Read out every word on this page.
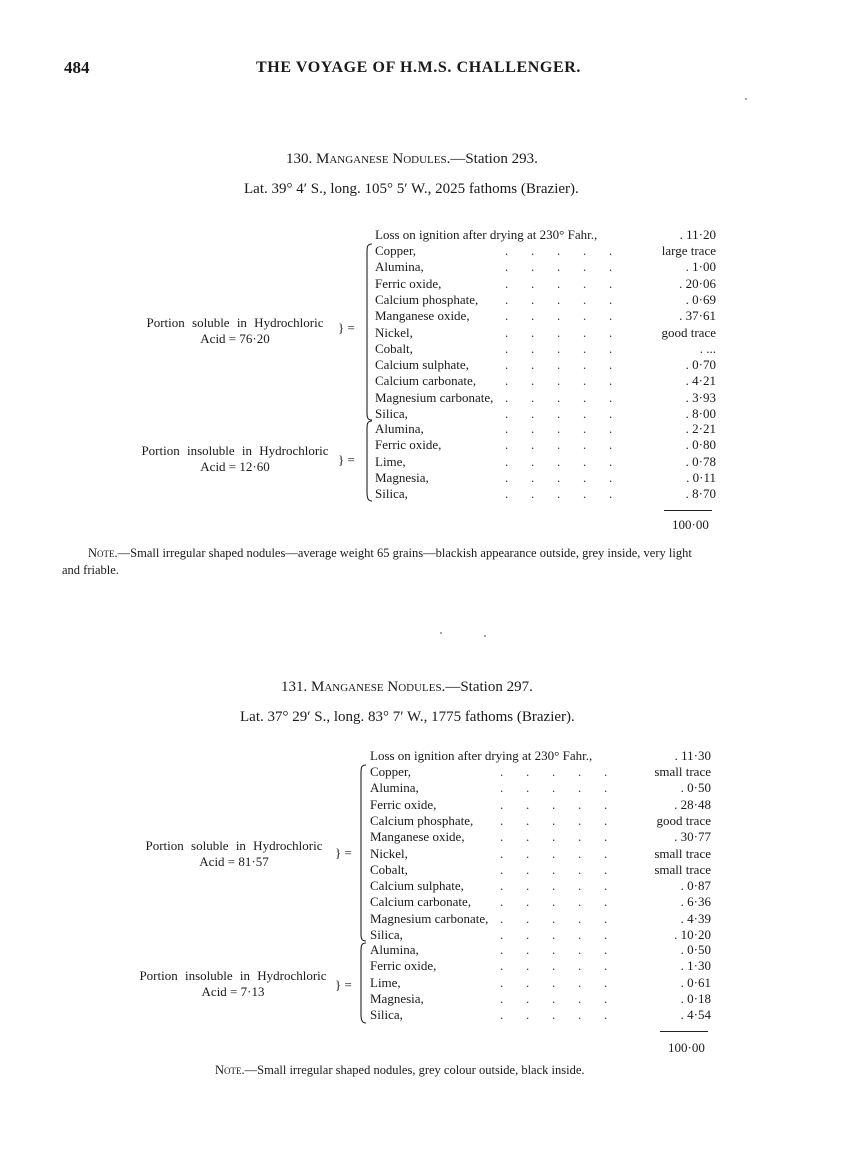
484	THE VOYAGE OF H.M.S. CHALLENGER.
130. Manganese Nodules.—Station 293.
Lat. 39° 4′ S., long. 105° 5′ W., 2025 fathoms (Brazier).
Loss on ignition after drying at 230° Fahr.,	. 11·20
Portion soluble in Hydrochloric
Acid = 76·20
} =
Copper,	.       .       .       .       .	large trace
Alumina,	.       .       .       .       .	. 1·00
Ferric oxide,	.       .       .       .       .	. 20·06
Calcium phosphate, .       .       .       .       .	. 0·69
Manganese oxide,	.       .       .       .       .	. 37·61
Nickel,	.       .       .       .       .	good trace
Cobalt,	.       .       .       .       .	. ...
Calcium sulphate,	.       .       .       .       .	. 0·70
Calcium carbonate, .       .       .       .       .	. 4·21
Magnesium carbonate, .       .       .       .       .	. 3·93
Silica,	.       .       .       .       .	. 8·00
Portion insoluble in Hydrochloric
Acid = 12·60	} =
Alumina,	.       .       .       .       .	. 2·21
Ferric oxide,	.       .       .       .       .	. 0·80
Lime,	.       .       .       .       .	. 0·78
Magnesia,	.       .       .       .       .	. 0·11
Silica,	.       .       .       .       .	. 8·70
100·00
Note.—Small irregular shaped nodules—average weight 65 grains—blackish appearance outside, grey inside, very light
and friable.
131. Manganese Nodules.—Station 297.
Lat. 37° 29′ S., long. 83° 7′ W., 1775 fathoms (Brazier).
Loss on ignition after drying at 230° Fahr.,	. 11·30
Portion soluble in Hydrochloric
Acid = 81·57
} =
Copper,	.       .       .       .       .	small trace
Alumina,	.       .       .       .       .	. 0·50
Ferric oxide,	.       .       .       .       .	. 28·48
Calcium phosphate, .       .       .       .       .	good trace
Manganese oxide,	.       .       .       .       .	. 30·77
Nickel,	.       .       .       .       .	small trace
Cobalt,	.       .       .       .       .	small trace
Calcium sulphate,	.       .       .       .       .	. 0·87
Calcium carbonate, .       .       .       .       .	. 6·36
Magnesium carbonate, .       .       .       .       .	. 4·39
Silica,	.       .       .       .       .	. 10·20
Portion insoluble in Hydrochloric
Acid = 7·13	} =
Alumina,	.       .       .       .       .	. 0·50
Ferric oxide,	.       .       .       .       .	. 1·30
Lime,	.       .       .       .       .	. 0·61
Magnesia,	.       .       .       .       .	. 0·18
Silica,	.       .       .       .       .	. 4·54
100·00
Note.—Small irregular shaped nodules, grey colour outside, black inside.
